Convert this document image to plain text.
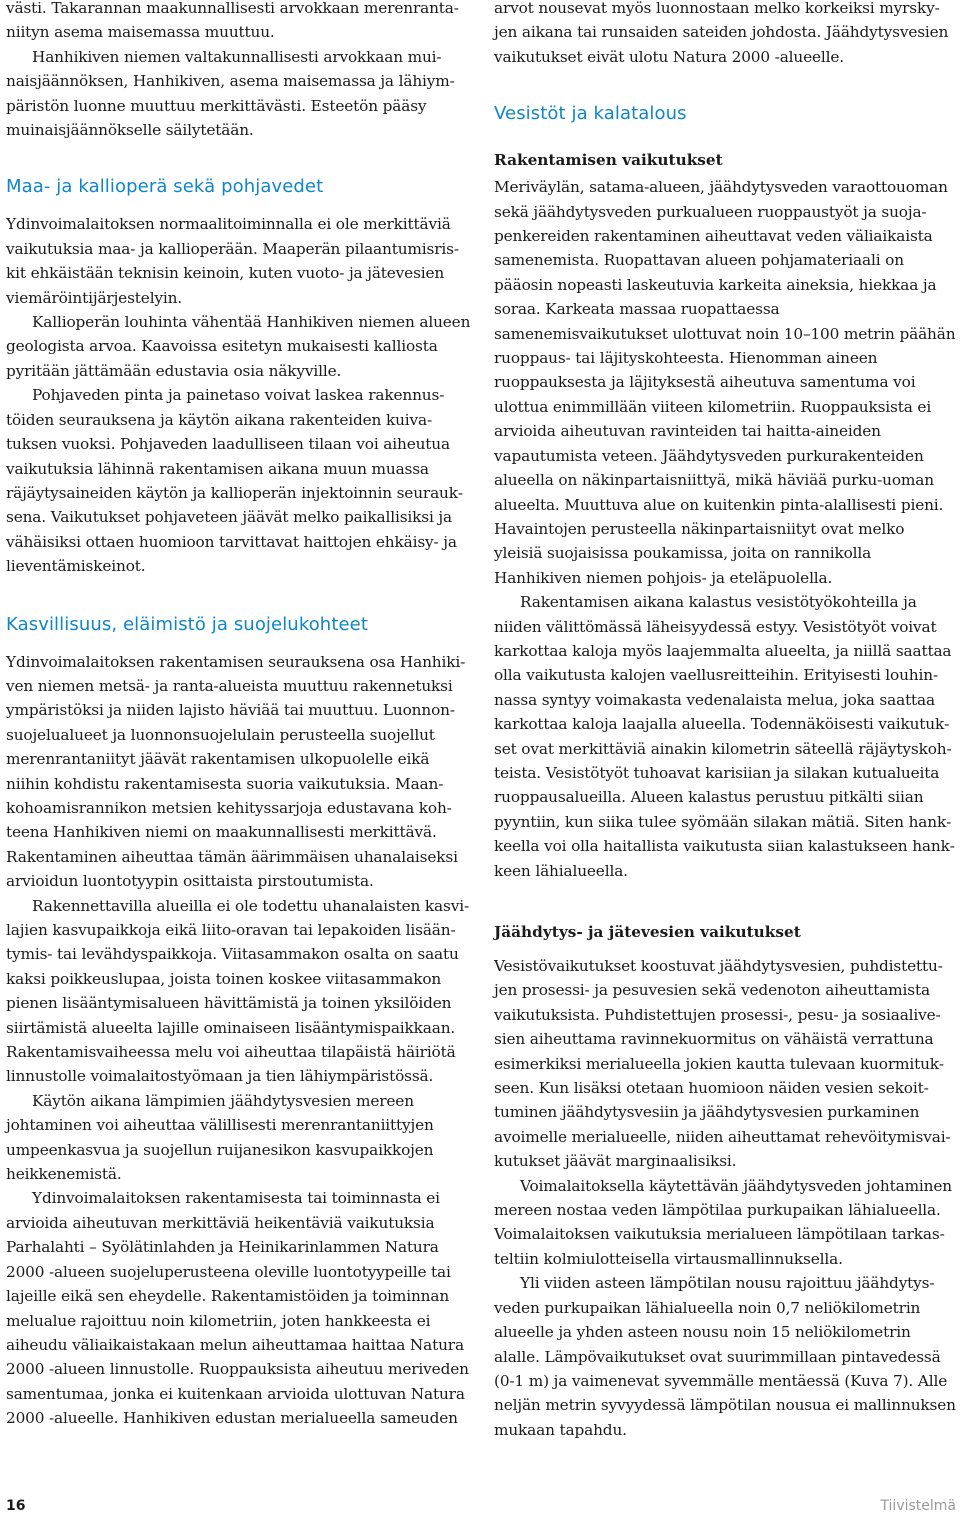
västi. Takarannan maakunnallisesti arvokkaan merenrantaniityn asema maisemassa muuttuu.

Hanhikiven niemen valtakunnallisesti arvokkaan muinaisjäännöksen, Hanhikiven, asema maisemassa ja lähiympäristön luonne muuttuu merkittävästi. Esteetön pääsy muinaisjäännökselle säilytetään.

Maa- ja kallioperä sekä pohjavedet

Ydinvoimalaitoksen normaalitoiminnalla ei ole merkittäviä vaikutuksia maa- ja kallioperään. Maaperän pilaantumisriskit ehkäistään teknisin keinoin, kuten vuoto- ja jätevesien viemäröintijärjestelyin.

Kallioperän louhinta vähentää Hanhikiven niemen alueen geologista arvoa. Kaavoissa esitetyn mukaisesti kalliosta pyritään jättämään edustavia osia näkyville.

Pohjaveden pinta ja painetaso voivat laskea rakennustöiden seurauksena ja käytön aikana rakenteiden kuivatuksen vuoksi. Pohjaveden laadulliseen tilaan voi aiheutua vaikutuksia lähinnä rakentamisen aikana muun muassa räjäytysaineiden käytön ja kallioperän injektoinnin seurauksena. Vaikutukset pohjaveteen jäävät melko paikallisiksi ja vähäisiksi ottaen huomioon tarvittavat haittojen ehkäisy- ja lieventämiskeinot.

Kasvillisuus, eläimistö ja suojelukohteet

Ydinvoimalaitoksen rakentamisen seurauksena osa Hanhikiven niemen metsä- ja ranta-alueista muuttuu rakennetuksi ympäristöksi ja niiden lajisto häviää tai muuttuu. Luonnonsuojelualueet ja luonnonsuojelulain perusteella suojellut merenrantaniityt jäävät rakentamisen ulkopuolelle eikä niihin kohdistu rakentamisesta suoria vaikutuksia. Maankohoamisrannikon metsien kehityssarjoja edustavana kohteena Hanhikiven niemi on maakunnallisesti merkittävä. Rakentaminen aiheuttaa tämän äärimmäisen uhanalaiseksi arvioidun luontotyypin osittaista pirstoutumista.

Rakennettavilla alueilla ei ole todettu uhanalaisten kasvilajien kasvupaikkoja eikä liito-oravan tai lepakoiden lisääntymis- tai levähdyspaikkoja. Viitasammakon osalta on saatu kaksi poikkeuslupaa, joista toinen koskee viitasammakon pienen lisääntymisalueen hävittämistä ja toinen yksilöiden siirtämistä alueelta lajille ominaiseen lisääntymispaikkaan. Rakentamisvaiheessa melu voi aiheuttaa tilapäistä häiriötä linnustolle voimalaitostyömaan ja tien lähiympäristössä.

Käytön aikana lämpimien jäähdytysvesien mereen johtaminen voi aiheuttaa välillisesti merenrantaniittyjen umpeenkasvua ja suojellun ruijanesikon kasvupaikkojen heikkenemistä.

Ydinvoimalaitoksen rakentamisesta tai toiminnasta ei arvioida aiheutuvan merkittäviä heikentäviä vaikutuksia Parhalahti – Syölätinlahden ja Heinikarinlammen Natura 2000 -alueen suojeluperusteena oleville luontotyypeille tai lajeille eikä sen eheydelle. Rakentamistöiden ja toiminnan melualue rajoittuu noin kilometriin, joten hankkeesta ei aiheudu väliaikaistakaan melun aiheuttamaa haittaa Natura 2000 -alueen linnustolle. Ruoppauksista aiheutuu meriveden samentumaa, jonka ei kuitenkaan arvioida ulottuvan Natura 2000 -alueelle. Hanhikiven edustan merialueella sameuden

arvot nousevat myös luonnostaan melko korkeiksi myrskyjen aikana tai runsaiden sateiden johdosta. Jäähdytysvesien vaikutukset eivät ulotu Natura 2000 -alueelle.

Vesistöt ja kalatalous
Rakentamisen vaikutukset

Meriväylän, satama-alueen, jäähdytysveden varaottouoman sekä jäähdytysveden purkualueen ruoppaustyöt ja suojapenkereiden rakentaminen aiheuttavat veden väliaikaista samenemista. Ruopattavan alueen pohjamateriaali on pääosin nopeasti laskeutuvia karkeita aineksia, hiekkaa ja soraa. Karkeata massaa ruopattaessa samenemisvaikutukset ulottuvat noin 10–100 metrin päähän ruoppaus- tai läjityskohteesta. Hienomman aineen ruoppauksesta ja läjityksestä aiheutuva samentuma voi ulottua enimmillään viiteen kilometriin. Ruoppauksista ei arvioida aiheutuvan ravinteiden tai haitta-aineiden vapautumista veteen. Jäähdytysveden purkurakenteiden alueella on näkinpartaisniittyä, mikä häviää purku-uoman alueelta. Muuttuva alue on kuitenkin pinta-alallisesti pieni. Havaintojen perusteella näkinpartaisniityt ovat melko yleisiä suojaisissa poukamissa, joita on rannikolla Hanhikiven niemen pohjois- ja eteläpuolella.

Rakentamisen aikana kalastus vesistötyökohteilla ja niiden välittömässä läheisyydessä estyy. Vesistötyöt voivat karkottaa kaloja myös laajemmalta alueelta, ja niillä saattaa olla vaikutusta kalojen vaellusreitteihin. Erityisesti louhinnassa syntyy voimakasta vedenalaista melua, joka saattaa karkottaa kaloja laajalla alueella. Todennäköisesti vaikutukset ovat merkittäviä ainakin kilometrin säteellä räjäytyskohteista. Vesistötyöt tuhoavat karisiian ja silakan kutualueita ruoppausalueilla. Alueen kalastus perustuu pitkälti siian pyyntiin, kun siika tulee syömään silakan mätiä. Siten hankkeella voi olla haitallista vaikutusta siian kalastukseen hankkeen lähialueella.

Jäähdytys- ja jätevesien vaikutukset

Vesistövaikutukset koostuvat jäähdytysvesien, puhdistettujen prosessi- ja pesuvesien sekä vedenoton aiheuttamista vaikutuksista. Puhdistettujen prosessi-, pesu- ja sosiaalivesien aiheuttama ravinnekuormitus on vähäistä verrattuna esimerkiksi merialueella jokien kautta tulevaan kuormitukseen. Kun lisäksi otetaan huomioon näiden vesien sekoittuminen jäähdytysvesiin ja jäähdytysvesien purkaminen avoimelle merialueelle, niiden aiheuttamat rehevöitymisvaikutukset jäävät marginaalisiksi.

Voimalaitoksella käytettävän jäähdytysveden johtaminen mereen nostaa veden lämpötilaa purkupaikan lähialueella. Voimalaitoksen vaikutuksia merialueen lämpötilaan tarkasteltiin kolmiulotteisella virtausmallinnuksella.

Yli viiden asteen lämpötilan nousu rajoittuu jäähdytysveden purkupaikan lähialueella noin 0,7 neliökilometrin alueelle ja yhden asteen nousu noin 15 neliökilometrin alalle. Lämpövaikutukset ovat suurimmillaan pintavedessä (0-1 m) ja vaimenevat syvemmälle mentäessä (Kuva 7). Alle neljän metrin syvyydessä lämpötilan nousua ei mallinnuksen mukaan tapahdu.

16	Tiivistelmä
